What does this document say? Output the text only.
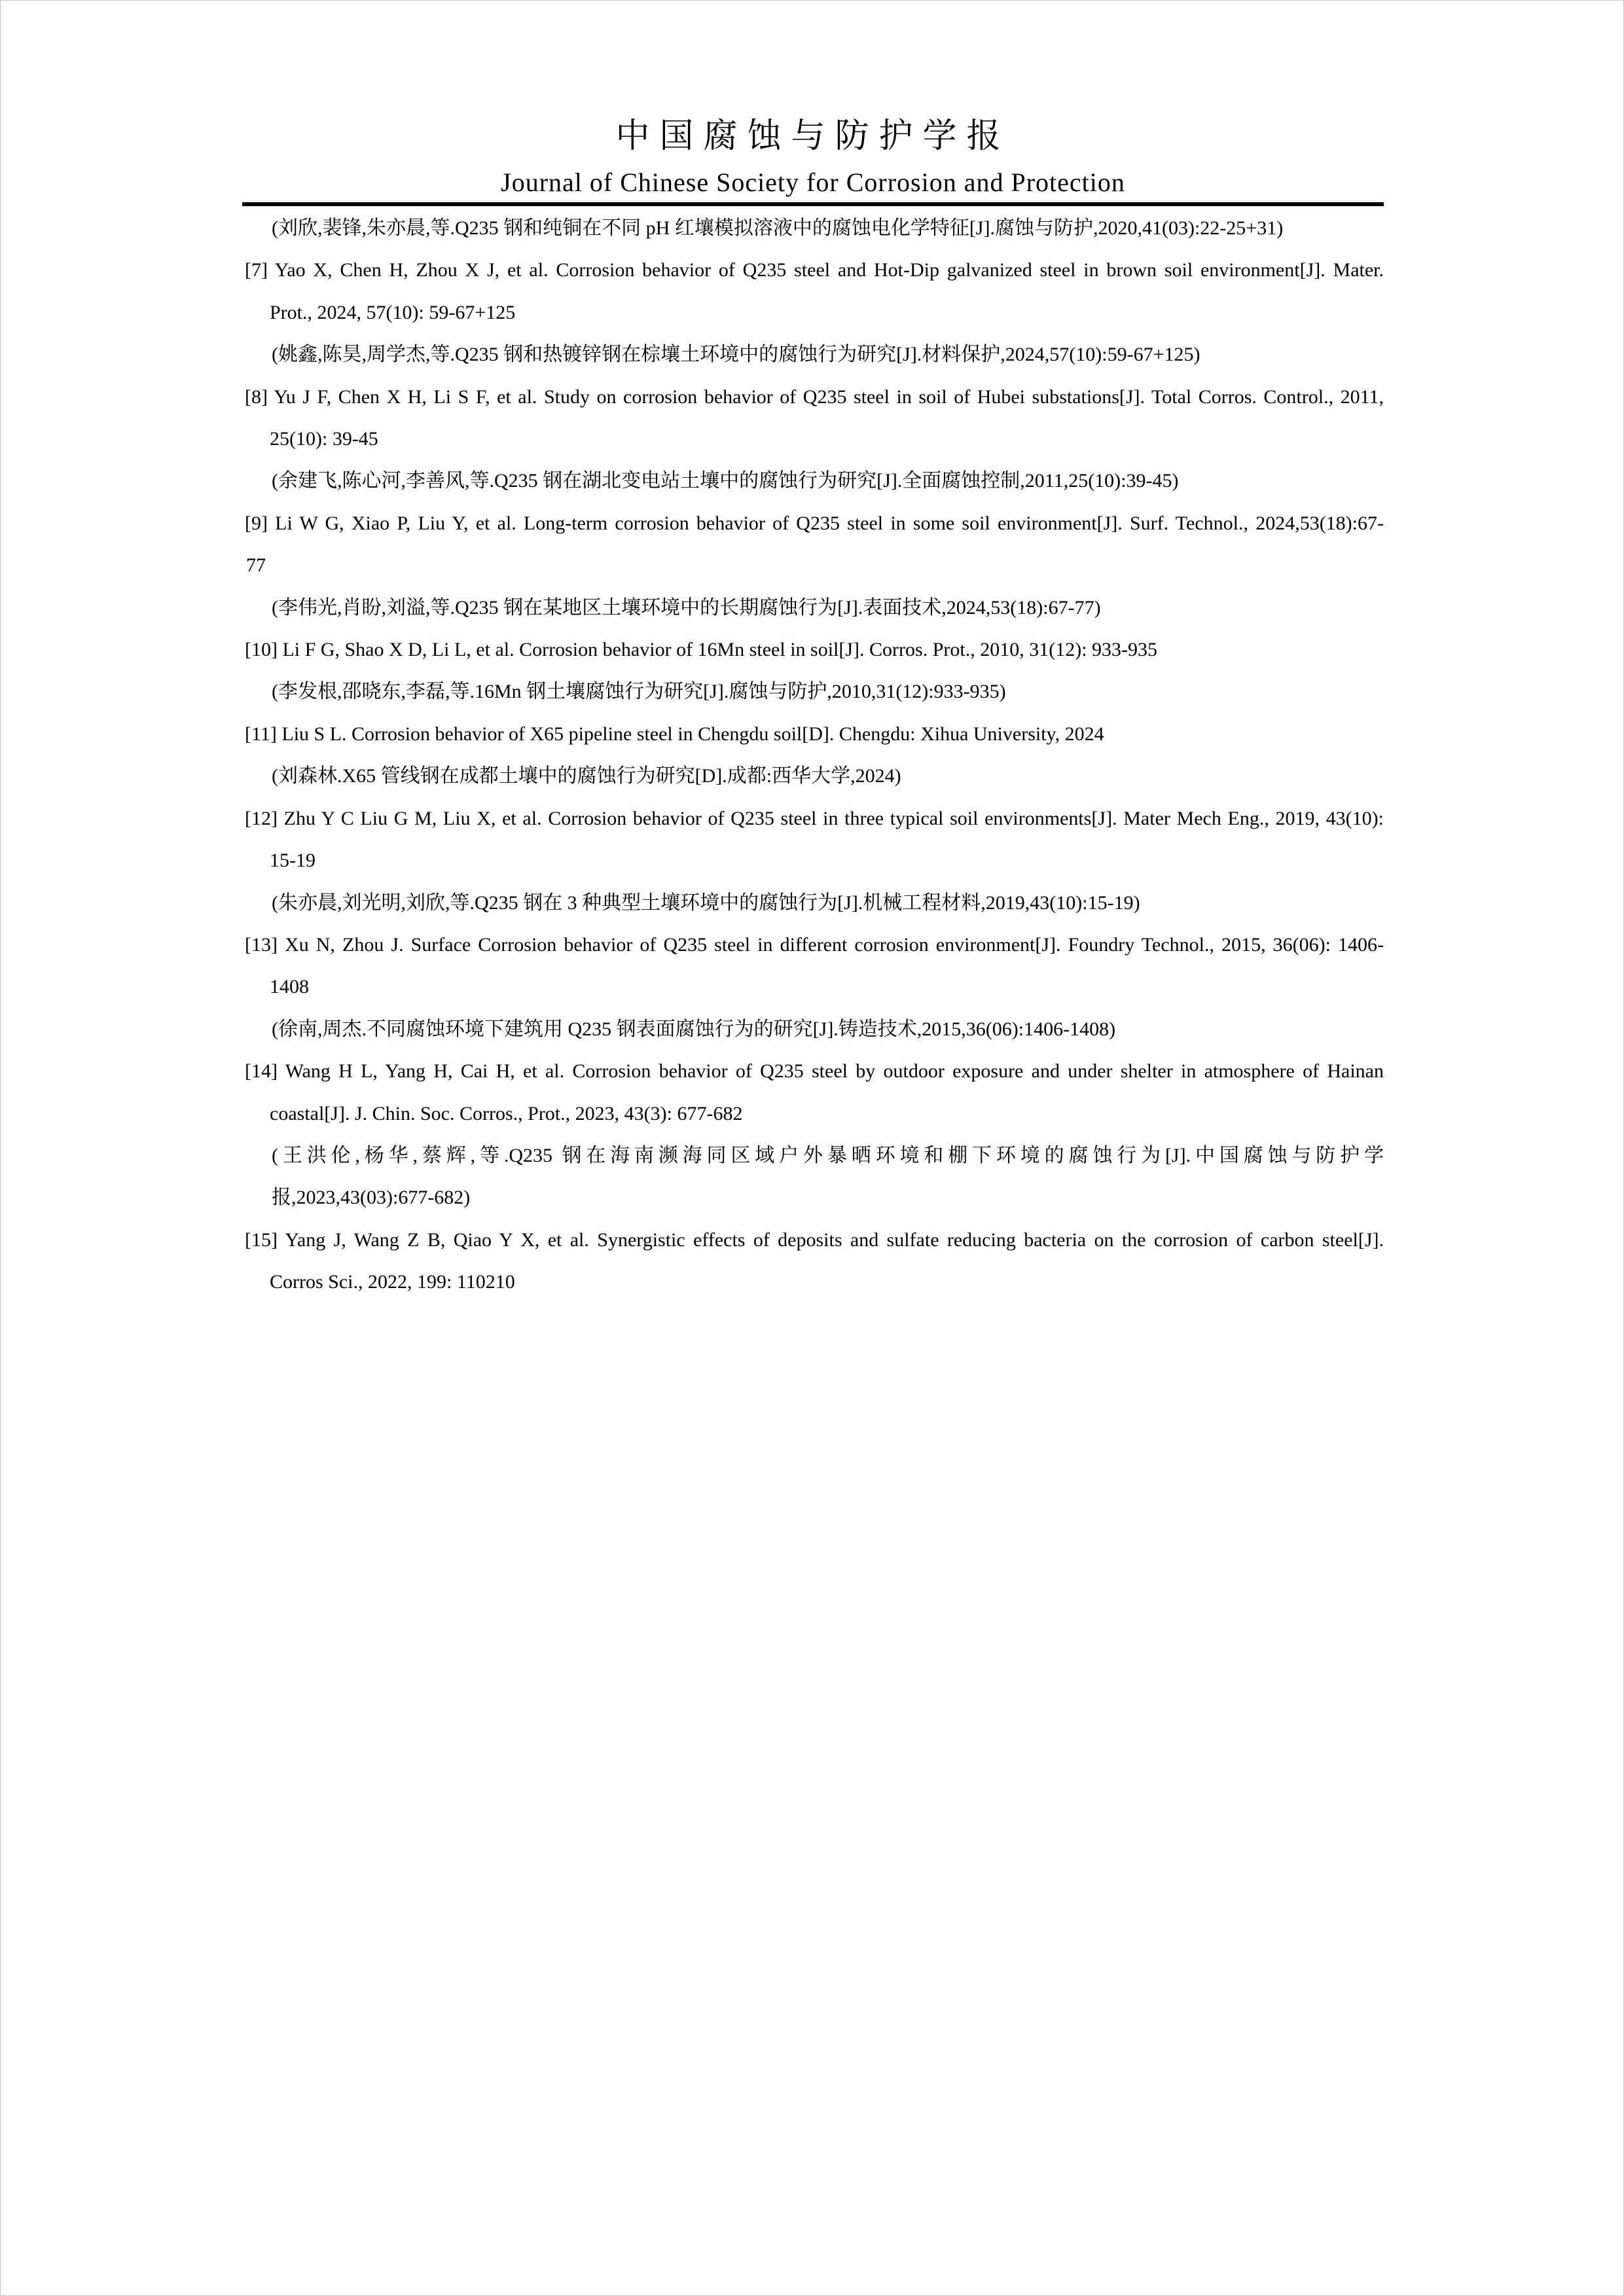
中国腐蚀与防护学报
Journal of Chinese Society for Corrosion and Protection
(刘欣,裴锋,朱亦晨,等.Q235 钢和纯铜在不同 pH 红壤模拟溶液中的腐蚀电化学特征[J].腐蚀与防护,2020,41(03):22-25+31)
[7] Yao X, Chen H, Zhou X J, et al. Corrosion behavior of Q235 steel and Hot-Dip galvanized steel in brown soil environment[J]. Mater.
Prot., 2024, 57(10): 59-67+125
(姚鑫,陈昊,周学杰,等.Q235 钢和热镀锌钢在棕壤土环境中的腐蚀行为研究[J].材料保护,2024,57(10):59-67+125)
[8] Yu J F, Chen X H, Li S F, et al. Study on corrosion behavior of Q235 steel in soil of Hubei substations[J]. Total Corros. Control., 2011,
25(10): 39-45
(余建飞,陈心河,李善风,等.Q235 钢在湖北变电站土壤中的腐蚀行为研究[J].全面腐蚀控制,2011,25(10):39-45)
[9] Li W G, Xiao P, Liu Y, et al. Long-term corrosion behavior of Q235 steel in some soil environment[J]. Surf. Technol., 2024,53(18):67-
77
(李伟光,肖盼,刘溢,等.Q235 钢在某地区土壤环境中的长期腐蚀行为[J].表面技术,2024,53(18):67-77)
[10] Li F G, Shao X D, Li L, et al. Corrosion behavior of 16Mn steel in soil[J]. Corros. Prot., 2010, 31(12): 933-935
(李发根,邵晓东,李磊,等.16Mn 钢土壤腐蚀行为研究[J].腐蚀与防护,2010,31(12):933-935)
[11] Liu S L. Corrosion behavior of X65 pipeline steel in Chengdu soil[D]. Chengdu: Xihua University, 2024
(刘森林.X65 管线钢在成都土壤中的腐蚀行为研究[D].成都:西华大学,2024)
[12] Zhu Y C Liu G M, Liu X, et al. Corrosion behavior of Q235 steel in three typical soil environments[J]. Mater Mech Eng., 2019, 43(10):
15-19
(朱亦晨,刘光明,刘欣,等.Q235 钢在 3 种典型土壤环境中的腐蚀行为[J].机械工程材料,2019,43(10):15-19)
[13] Xu N, Zhou J. Surface Corrosion behavior of Q235 steel in different corrosion environment[J]. Foundry Technol., 2015, 36(06): 1406-
1408
(徐南,周杰.不同腐蚀环境下建筑用 Q235 钢表面腐蚀行为的研究[J].铸造技术,2015,36(06):1406-1408)
[14] Wang H L, Yang H, Cai H, et al. Corrosion behavior of Q235 steel by outdoor exposure and under shelter in atmosphere of Hainan
coastal[J]. J. Chin. Soc. Corros., Prot., 2023, 43(3): 677-682
(王洪伦,杨华,蔡辉,等.Q235 钢在海南濒海同区域户外暴晒环境和棚下环境的腐蚀行为[J].中国腐蚀与防护学
报,2023,43(03):677-682)
[15] Yang J, Wang Z B, Qiao Y X, et al. Synergistic effects of deposits and sulfate reducing bacteria on the corrosion of carbon steel[J].
Corros Sci., 2022, 199: 110210
